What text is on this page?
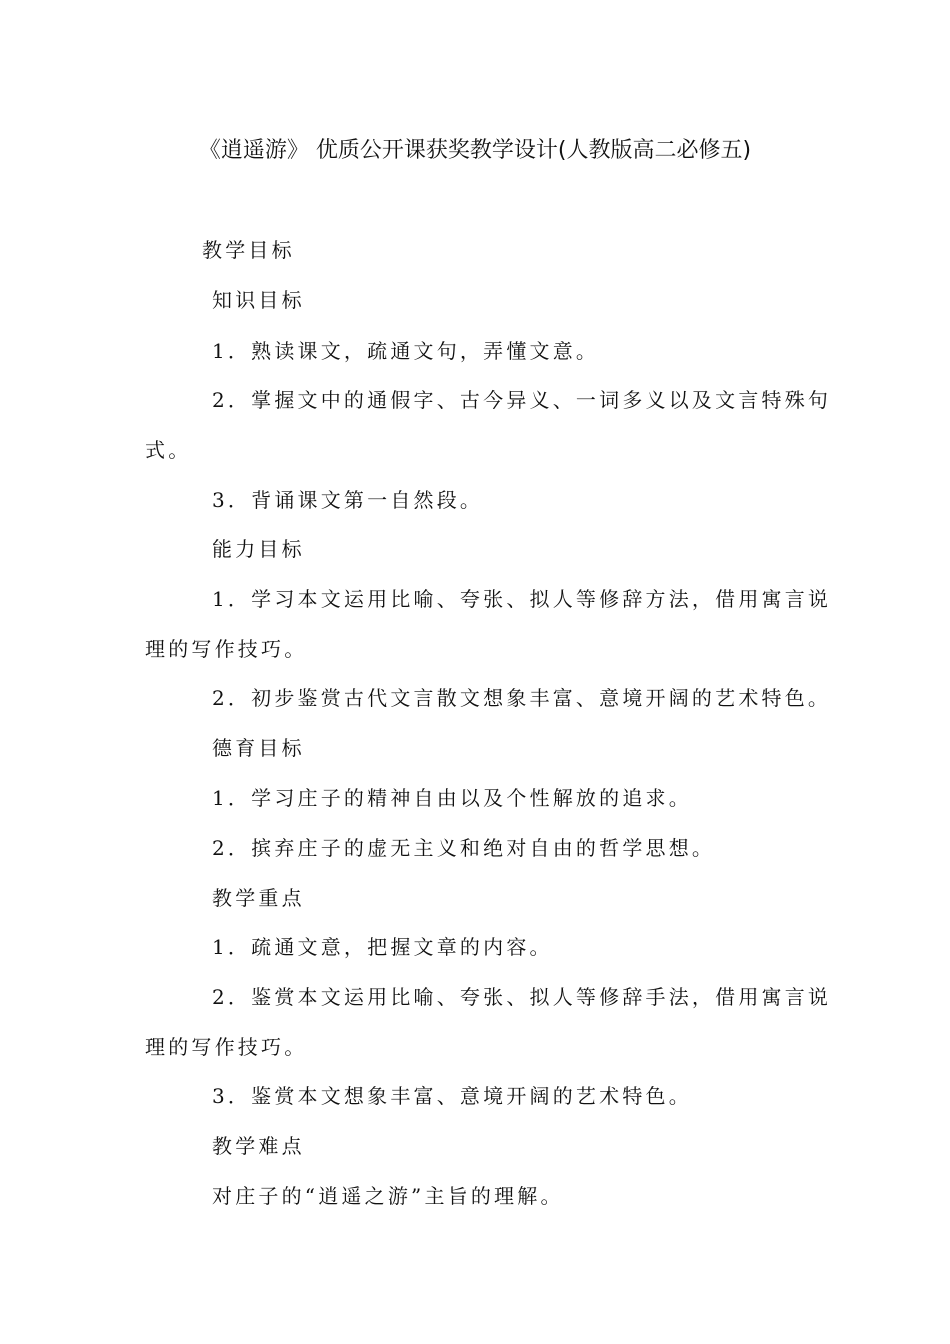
《逍遥游》 优质公开课获奖教学设计(人教版高二必修五)
教学目标
知识目标
1．熟读课文，疏通文句，弄懂文意。
2．掌握文中的通假字、古今异义、一词多义以及文言特殊句
式。
3．背诵课文第一自然段。
能力目标
1．学习本文运用比喻、夸张、拟人等修辞方法，借用寓言说
理的写作技巧。
2．初步鉴赏古代文言散文想象丰富、意境开阔的艺术特色。
德育目标
1．学习庄子的精神自由以及个性解放的追求。
2．摈弃庄子的虚无主义和绝对自由的哲学思想。
教学重点
1．疏通文意，把握文章的内容。
2．鉴赏本文运用比喻、夸张、拟人等修辞手法，借用寓言说
理的写作技巧。
3．鉴赏本文想象丰富、意境开阔的艺术特色。
教学难点
对庄子的“逍遥之游”主旨的理解。
